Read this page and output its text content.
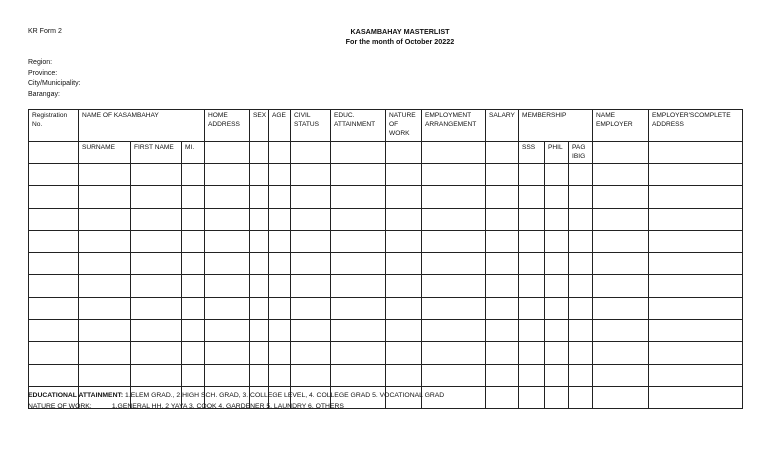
KR Form 2	KASAMBAHAY MASTERLIST
For the month of October 20222
Region:
Province:
City/Municipality:
Barangay:
Registration No.	NAME OF KASAMBAHAY			HOME ADDRESS	SEX	AGE	CIVIL STATUS	EDUC. ATTAINMENT	NATURE OF WORK	EMPLOYMENT ARRANGEMENT	SALARY	MEMBERSHIP			NAME EMPLOYER	EMPLOYER'SCOMPLETE ADDRESS
	SURNAME	FIRST NAME	MI.									SSS	PHIL	PAG IBIG		

EDUCATIONAL ATTAINMENT: 1.ELEM GRAD., 2.HIGH SCH. GRAD, 3. COLLEGE LEVEL, 4. COLLEGE GRAD 5. VOCATIONAL GRAD
NATURE OF WORK:	1.GENERAL HH. 2 YAYA 3. COOK 4. GARDENER 5. LAUNDRY 6. OTHERS
